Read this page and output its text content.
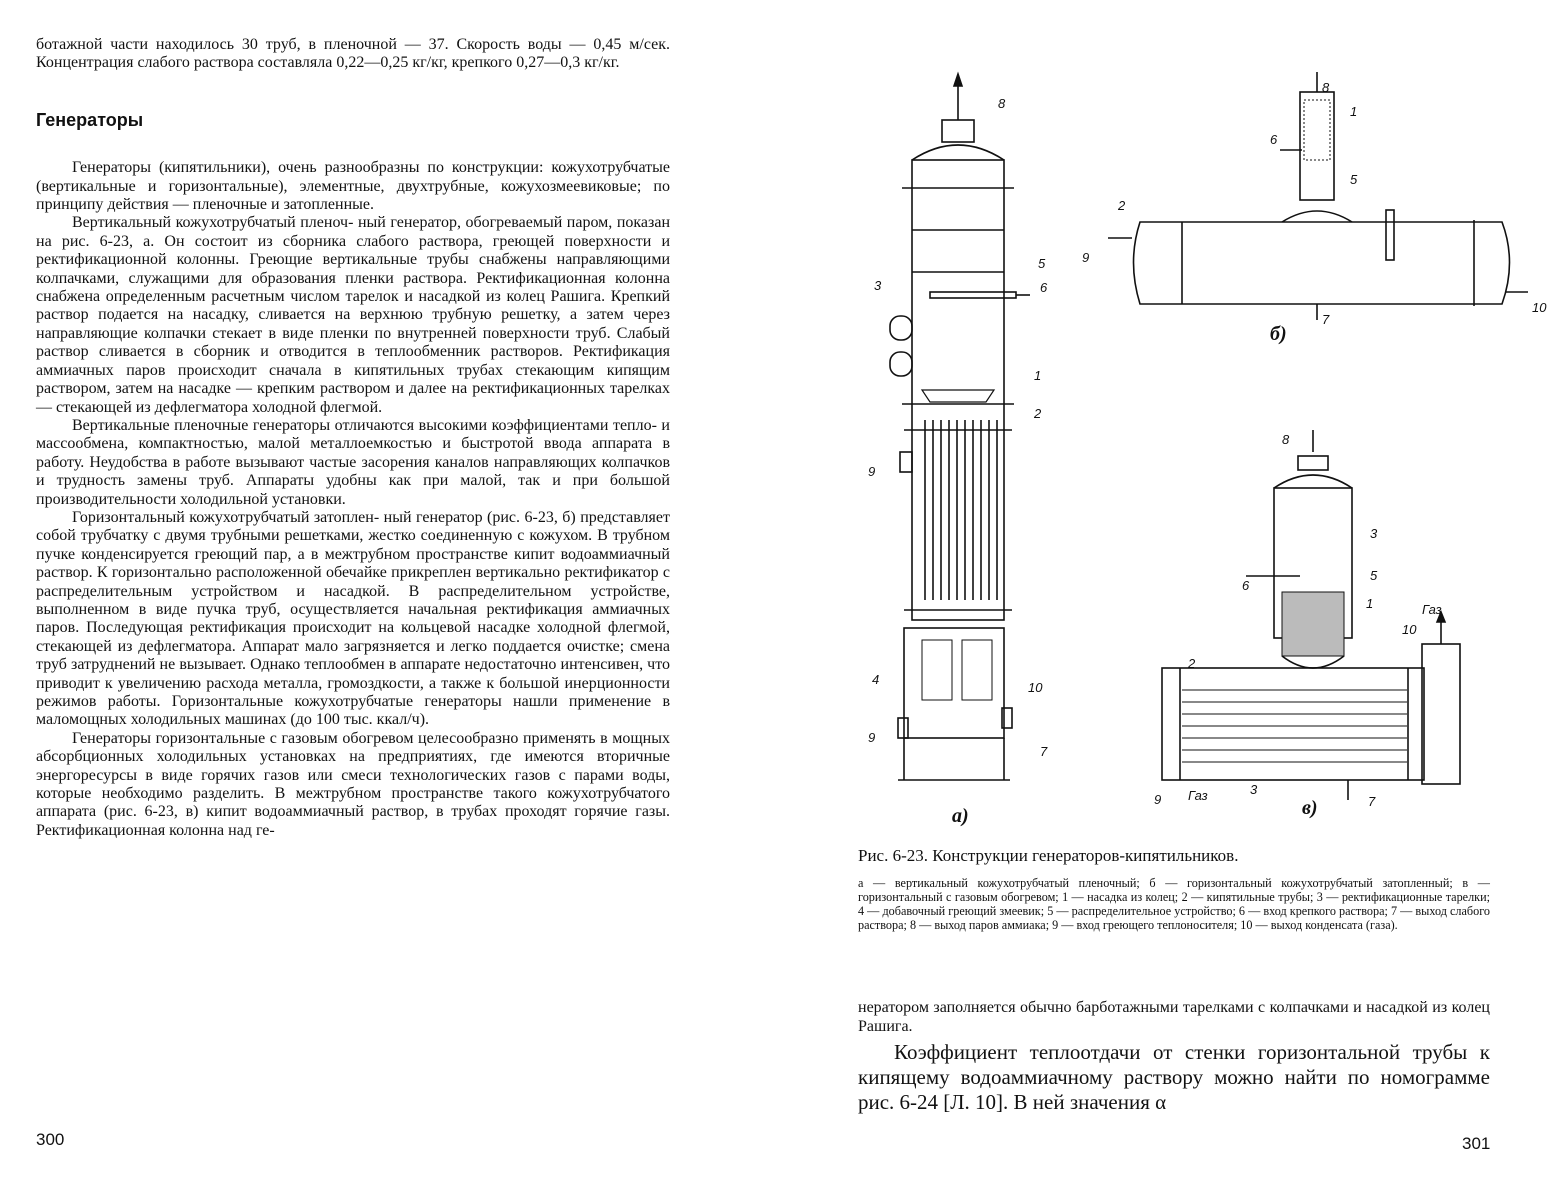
ботажной части находилось 30 труб, в пленочной — 37. Скорость воды — 0,45 м/сек. Концентрация слабого раствора составляла 0,22—0,25 кг/кг, крепкого 0,27—0,3 кг/кг.

Генераторы

Генераторы (кипятильники), очень разнообразны по конструкции: кожухотрубчатые (вертикальные и горизонтальные), элементные, двухтрубные, кожухозмеевиковые; по принципу действия — пленочные и затопленные.

Вертикальный кожухотрубчатый пленоч- ный генератор, обогреваемый паром, показан на рис. 6-23, а. Он состоит из сборника слабого раствора, греющей поверхности и ректификационной колонны. Греющие вертикальные трубы снабжены направляющими колпачками, служащими для образования пленки раствора. Ректификационная колонна снабжена определенным расчетным числом тарелок и насадкой из колец Рашига. Крепкий раствор подается на насадку, сливается на верхнюю трубную решетку, а затем через направляющие колпачки стекает в виде пленки по внутренней поверхности труб. Слабый раствор сливается в сборник и отводится в теплообменник растворов. Ректификация аммиачных паров происходит сначала в кипятильных трубах стекающим кипящим раствором, затем на насадке — крепким раствором и далее на ректификационных тарелках — стекающей из дефлегматора холодной флегмой.

Вертикальные пленочные генераторы отличаются высокими коэффициентами тепло- и массообмена, компактностью, малой металлоемкостью и быстротой ввода аппарата в работу. Неудобства в работе вызывают частые засорения каналов направляющих колпачков и трудность замены труб. Аппараты удобны как при малой, так и при большой производительности холодильной установки.

Горизонтальный кожухотрубчатый затоплен- ный генератор (рис. 6-23, б) представляет собой трубчатку с двумя трубными решетками, жестко соединенную с кожухом. В трубном пучке конденсируется греющий пар, а в межтрубном пространстве кипит водоаммиачный раствор. К горизонтально расположенной обечайке прикреплен вертикально ректификатор с распределительным устройством и насадкой. В распределительном устройстве, выполненном в виде пучка труб, осуществляется начальная ректификация аммиачных паров. Последующая ректификация происходит на кольцевой насадке холодной флегмой, стекающей из дефлегматора. Аппарат мало загрязняется и легко поддается очистке; смена труб затруднений не вызывает. Однако теплообмен в аппарате недостаточно интенсивен, что приводит к увеличению расхода металла, громоздкости, а также к большой инерционности режимов работы. Горизонтальные кожухотрубчатые генераторы нашли применение в маломощных холодильных машинах (до 100 тыс. ккал/ч).

Генераторы горизонтальные с газовым обогревом целесообразно применять в мощных абсорбционных холодильных установках на предприятиях, где имеются вторичные энергоресурсы в виде горячих газов или смеси технологических газов с парами воды, которые необходимо разделить. В межтрубном пространстве такого кожухотрубчатого аппарата (рис. 6-23, в) кипит водоаммиачный раствор, в трубах проходят горячие газы. Ректификационная колонна над ге-

300
8
3
5
6
1
2
9
4
10
9
7
а)
8
1
6
5
2
9
7
10
б)
8
3
6
5
1	Газ
10
2
9 Газ	3
7
в)
Рис. 6-23. Конструкции генераторов-кипятильников.
а — вертикальный кожухотрубчатый пленочный; б — горизонтальный кожухотрубчатый затопленный; в — горизонтальный с газовым обогревом; 1 — насадка из колец; 2 — кипятильные трубы; 3 — ректификационные тарелки; 4 — добавочный греющий змеевик; 5 — распределительное устройство; 6 — вход крепкого раствора; 7 — выход слабого раствора; 8 — выход паров аммиака; 9 — вход греющего теплоносителя; 10 — выход конденсата (газа).
нератором заполняется обычно барботажными тарелками с колпачками и насадкой из колец Рашига.
Коэффициент теплоотдачи от стенки горизонтальной трубы к кипящему водоаммиачному раствору можно найти по номограмме рис. 6-24 [Л. 10]. В ней значения α
301
